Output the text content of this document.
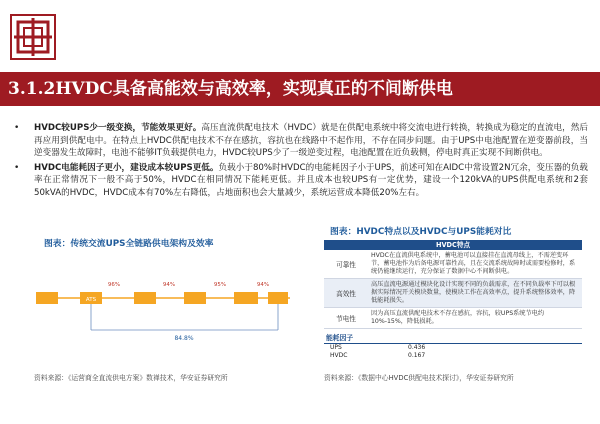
3.1.2HVDC具备高能效与高效率，实现真正的不间断供电
•	HVDC较UPS少一级变换，节能效果更好。高压直流供配电技术（HVDC）就是在供配电系统中将交流电进行转换，转换成为稳定的直流电，然后再应用到供配电中。在特点上HVDC供配电技术不存在感抗，容抗也在线路中不起作用，不存在同步问题。由于UPS中电池配置在逆变器前段，当逆变器发生故障时，电池不能够IT负载提供电力，HVDC较UPS少了一级逆变过程，电池配置在近负载侧，停电时真正实现不间断供电。
•	HVDC电能耗因子更小，建设成本较UPS更低。负载小于80%时HVDC的电能耗因子小于UPS，前述可知在AIDC中常设置2N冗余，变压器的负载率在正常情况下一般不高于50%，HVDC在相同情况下能耗更低。并且成本也较UPS有一定优势，建设一个120kVA的UPS供配电系统和2套50kVA的HVDC，HVDC成本有70%左右降低，占地面积也会大量减少，系统运营成本降低20%左右。
图表：传统交流UPS全链路供电架构及效率
图表：HVDC特点以及HVDC与UPS能耗对比
ATS
96%	94%	95%	94%
84.8%
HVDC特点
可靠性
HVDC在直流供电系统中，蓄电池可以直接挂在直流母线上，不需逆变环节，蓄电池作为后备电源可靠性高，且在交流系统故障时或需要检修时，系统仍能继续运行，充分保证了数据中心不间断供电。
高效性
高压直流电源通过模块化设计实现不同的负载需求，在不同负载率下可以根据实际情况开关模块数量，使模块工作在高效率点，提升系统整体效率，降低能耗损失。
节电性
因为高压直流供配电技术不存在感抗，容抗，较UPS系统节电约10%-15%，降低损耗。
能耗因子
UPS	0.436
HVDC	0.167
资料来源：《运营商全直流供电方案》数禅技术，华安证券研究所	资料来源：《数据中心HVDC供配电技术探讨》，华安证券研究所
